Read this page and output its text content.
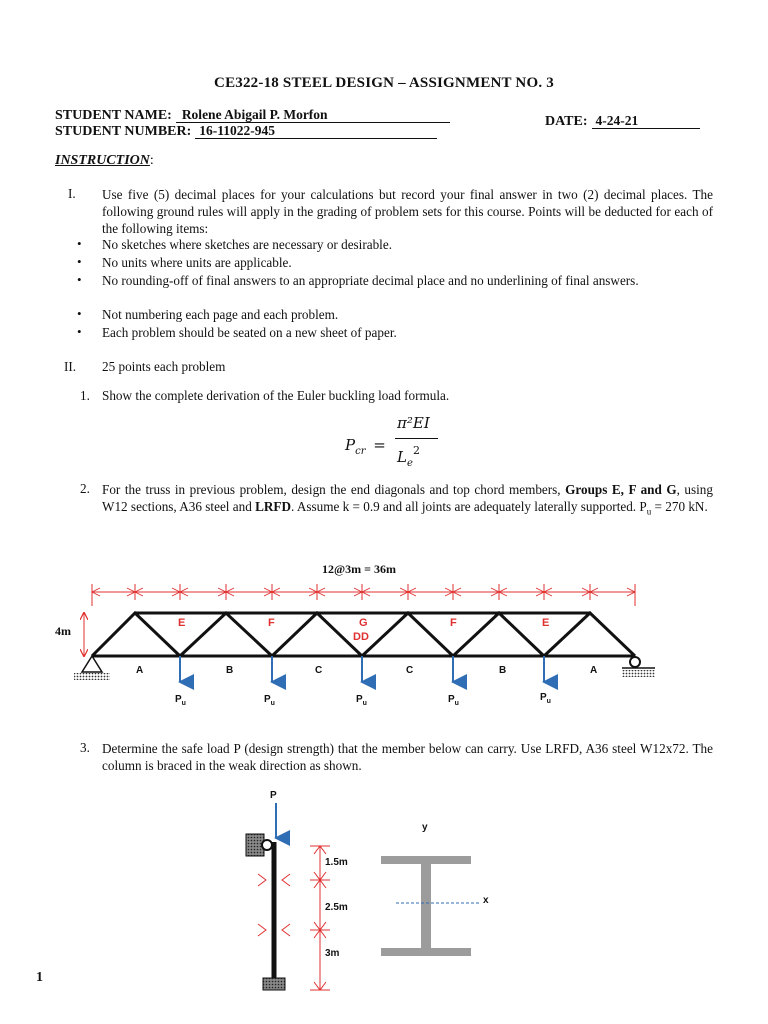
CE322-18 STEEL DESIGN – ASSIGNMENT NO. 3
STUDENT NAME: Rolene Abigail P. Morfon
STUDENT NUMBER: 16-11022-945
DATE: 4-24-21
INSTRUCTION:
I. Use five (5) decimal places for your calculations but record your final answer in two (2) decimal places. The following ground rules will apply in the grading of problem sets for this course. Points will be deducted for each of the following items:
• No sketches where sketches are necessary or desirable.
• No units where units are applicable.
• No rounding-off of final answers to an appropriate decimal place and no underlining of final answers.
• Not numbering each page and each problem.
• Each problem should be seated on a new sheet of paper.
II. 25 points each problem
1. Show the complete derivation of the Euler buckling load formula.
$P_{cr}$ =
π²EI
$L_e$
2
2. For the truss in previous problem, design the end diagonals and top chord members, Groups E, F and G, using W12 sections, A36 steel and LRFD. Assume k = 0.9 and all joints are adequately laterally supported. $P_u = 270$ kN.
12@3m = 36m
4m
E	F	G
DD
F	E
A	B	C	C	B	A
$P_u$	$P_u$	$P_u$	$P_u$
$P_u$
3. Determine the safe load P (design strength) that the member below can carry. Use LRFD, A36 steel W12x72. The column is braced in the weak direction as shown.
P
1.5m
2.5m
3m
y
x
1
